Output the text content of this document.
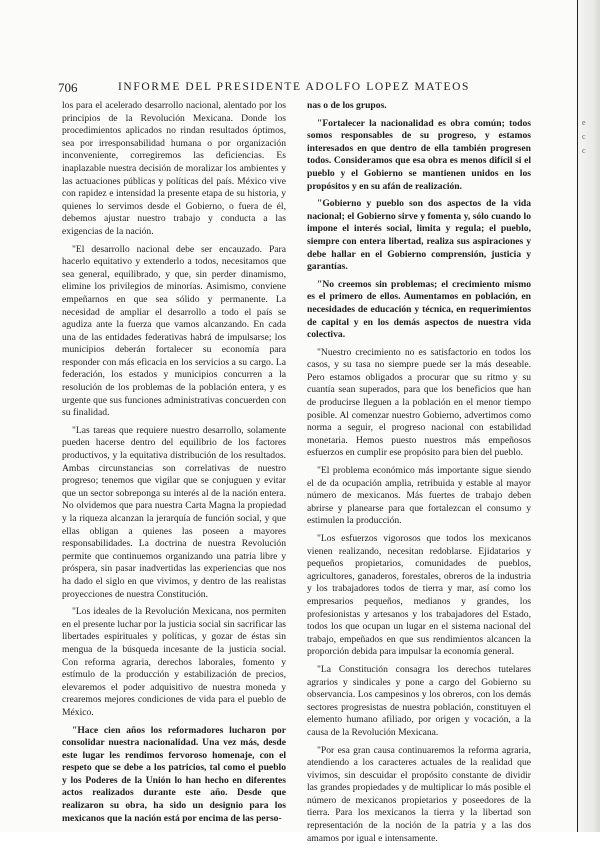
706	INFORME DEL PRESIDENTE ADOLFO LOPEZ MATEOS

los para el acelerado desarrollo nacional, alentado por los principios de la Revolución Mexicana. Donde los procedimientos aplicados no rindan resultados óptimos, sea por irresponsabilidad humana o por organización inconveniente, corregiremos las deficiencias. Es inaplazable nuestra decisión de moralizar los ambientes y las actuaciones públicas y políticas del país. México vive con rapidez e intensidad la presente etapa de su historia, y quienes lo servimos desde el Gobierno, o fuera de él, debemos ajustar nuestro trabajo y conducta a las exigencias de la nación.

"El desarrollo nacional debe ser encauzado. Para hacerlo equitativo y extenderlo a todos, necesitamos que sea general, equilibrado, y que, sin perder dinamismo, elimine los privilegios de minorías. Asimismo, conviene empeñarnos en que sea sólido y permanente. La necesidad de ampliar el desarrollo a todo el país se agudiza ante la fuerza que vamos alcanzando. En cada una de las entidades federativas habrá de impulsarse; los municipios deberán fortalecer su economía para responder con más eficacia en los servicios a su cargo. La federación, los estados y municipios concurren a la resolución de los problemas de la población entera, y es urgente que sus funciones administrativas concuerden con su finalidad.

"Las tareas que requiere nuestro desarrollo, solamente pueden hacerse dentro del equilibrio de los factores productivos, y la equitativa distribución de los resultados. Ambas circunstancias son correlativas de nuestro progreso; tenemos que vigilar que se conjuguen y evitar que un sector sobreponga su interés al de la nación entera. No olvidemos que para nuestra Carta Magna la propiedad y la riqueza alcanzan la jerarquía de función social, y que ellas obligan a quienes las poseen a mayores responsabilidades. La doctrina de nuestra Revolución permite que continuemos organizando una patria libre y próspera, sin pasar inadvertidas las experiencias que nos ha dado el siglo en que vivimos, y dentro de las realistas proyecciones de nuestra Constitución.

"Los ideales de la Revolución Mexicana, nos permiten en el presente luchar por la justicia social sin sacrificar las libertades espirituales y políticas, y gozar de éstas sin mengua de la búsqueda incesante de la justicia social. Con reforma agraria, derechos laborales, fomento y estímulo de la producción y estabilización de precios, elevaremos el poder adquisitivo de nuestra moneda y crearemos mejores condiciones de vida para el pueblo de México.

"Hace cien años los reformadores lucharon por consolidar nuestra nacionalidad. Una vez más, desde este lugar les rendimos fervoroso homenaje, con el respeto que se debe a los patricios, tal como el pueblo y los Poderes de la Unión lo han hecho en diferentes actos realizados durante este año. Desde que realizaron su obra, ha sido un designio para los mexicanos que la nación está por encima de las perso-

nas o de los grupos.

"Fortalecer la nacionalidad es obra común; todos somos responsables de su progreso, y estamos interesados en que dentro de ella también progresen todos. Consideramos que esa obra es menos difícil si el pueblo y el Gobierno se mantienen unidos en los propósitos y en su afán de realización.

"Gobierno y pueblo son dos aspectos de la vida nacional; el Gobierno sirve y fomenta y, sólo cuando lo impone el interés social, limita y regula; el pueblo, siempre con entera libertad, realiza sus aspiraciones y debe hallar en el Gobierno comprensión, justicia y garantías.

"No creemos sin problemas; el crecimiento mismo es el primero de ellos. Aumentamos en población, en necesidades de educación y técnica, en requerimientos de capital y en los demás aspectos de nuestra vida colectiva.

"Nuestro crecimiento no es satisfactorio en todos los casos, y su tasa no siempre puede ser la más deseable. Pero estamos obligados a procurar que su ritmo y su cuantía sean superados, para que los beneficios que han de producirse lleguen a la población en el menor tiempo posible. Al comenzar nuestro Gobierno, advertimos como norma a seguir, el progreso nacional con estabilidad monetaria. Hemos puesto nuestros más empeñosos esfuerzos en cumplir ese propósito para bien del pueblo.

"El problema económico más importante sigue siendo el de da ocupación amplia, retribuida y estable al mayor número de mexicanos. Más fuertes de trabajo deben abrirse y planearse para que fortalezcan el consumo y estimulen la producción.

"Los esfuerzos vigorosos que todos los mexicanos vienen realizando, necesitan redoblarse. Ejidatarios y pequeños propietarios, comunidades de pueblos, agricultores, ganaderos, forestales, obreros de la industria y los trabajadores todos de tierra y mar, así como los empresarios pequeños, medianos y grandes, los profesionistas y artesanos y los trabajadores del Estado, todos los que ocupan un lugar en el sistema nacional del trabajo, empeñados en que sus rendimientos alcancen la proporción debida para impulsar la economía general.

"La Constitución consagra los derechos tutelares agrarios y sindicales y pone a cargo del Gobierno su observancia. Los campesinos y los obreros, con los demás sectores progresistas de nuestra población, constituyen el elemento humano afiliado, por origen y vocación, a la causa de la Revolución Mexicana.

"Por esa gran causa continuaremos la reforma agraria, atendiendo a los caracteres actuales de la realidad que vivimos, sin descuidar el propósito constante de dividir las grandes propiedades y de multiplicar lo más posible el número de mexicanos propietarios y poseedores de la tierra. Para los mexicanos la tierra y la libertad son representación de la noción de la patria y a las dos amamos por igual e intensamente.

e
c
c
